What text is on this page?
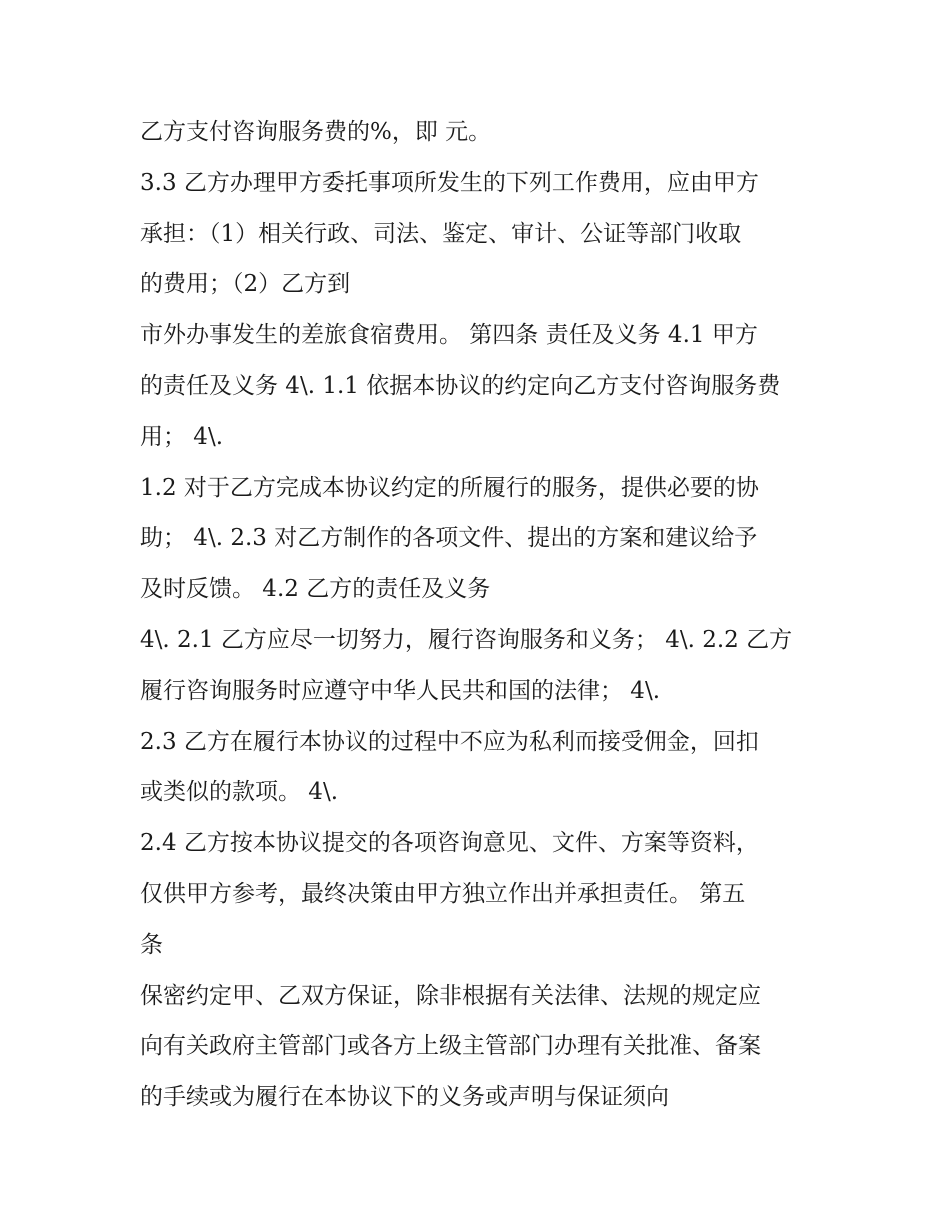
乙方支付咨询服务费的%，即 元。
3.3 乙方办理甲方委托事项所发生的下列工作费用，应由甲方
承担：（1）相关行政、司法、鉴定、审计、公证等部门收取
的费用；（2）乙方到
市外办事发生的差旅食宿费用。 第四条 责任及义务 4.1 甲方
的责任及义务 4\. 1.1 依据本协议的约定向乙方支付咨询服务费
用； 4\.
1.2 对于乙方完成本协议约定的所履行的服务，提供必要的协
助； 4\. 2.3 对乙方制作的各项文件、提出的方案和建议给予
及时反馈。 4.2 乙方的责任及义务
4\. 2.1 乙方应尽一切努力，履行咨询服务和义务； 4\. 2.2 乙方
履行咨询服务时应遵守中华人民共和国的法律； 4\.
2.3 乙方在履行本协议的过程中不应为私利而接受佣金，回扣
或类似的款项。 4\.
2.4 乙方按本协议提交的各项咨询意见、文件、方案等资料，
仅供甲方参考，最终决策由甲方独立作出并承担责任。 第五
条
保密约定甲、乙双方保证，除非根据有关法律、法规的规定应
向有关政府主管部门或各方上级主管部门办理有关批准、备案
的手续或为履行在本协议下的义务或声明与保证须向
